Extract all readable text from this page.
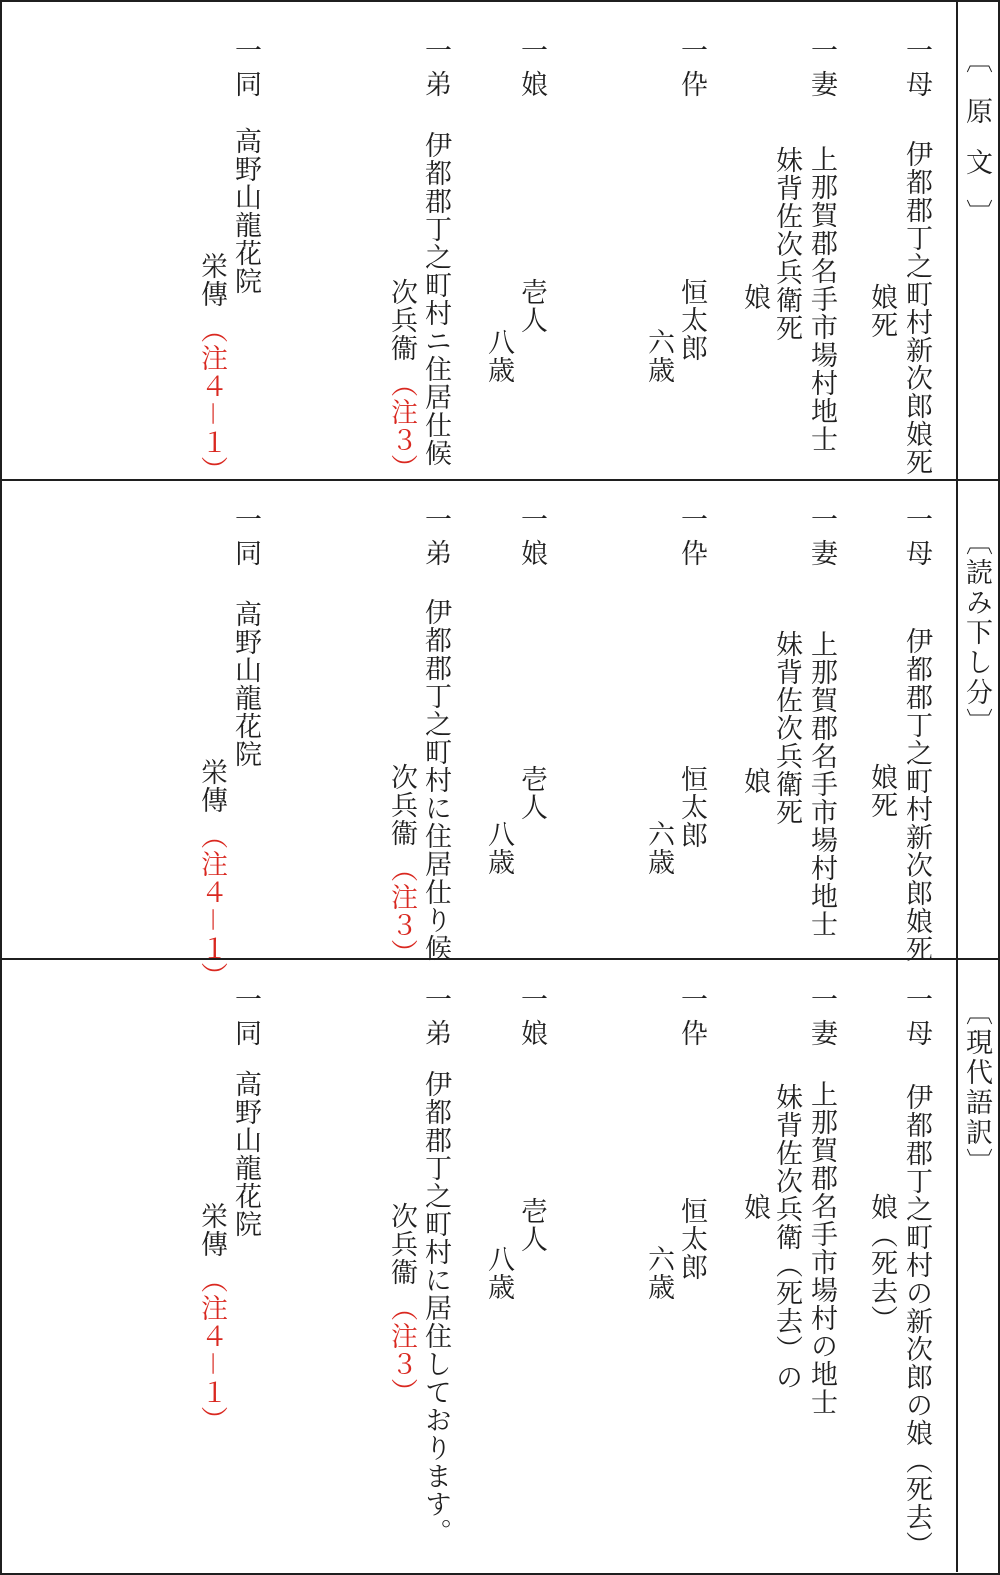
〔原文〕
一母
伊都郡丁之町村新次郎娘死
娘死
一妻
上那賀郡名手市場村地士
妹背佐次兵衛死
娘
一伜
恒太郎
六歳
一娘
壱人
八歳
一弟
伊都郡丁之町村ニ住居仕候
次兵衞（注３）
一同
高野山龍花院
栄傳（注４－１）
〔読み下し分〕
一母
伊都郡丁之町村新次郎娘死
娘死
一妻
上那賀郡名手市場村地士
妹背佐次兵衛死
娘
一伜
恒太郎
六歳
一娘
壱人
八歳
一弟
伊都郡丁之町村に住居仕り候
次兵衞（注３）
一同
高野山龍花院
栄傳（注４－１）
〔現代語訳〕
一母
伊都郡丁之町村の新次郎の娘（死去）
娘（死去）
一妻
上那賀郡名手市場村の地士
妹背佐次兵衛（死去）の
娘
一伜
恒太郎
六歳
一娘
壱人
八歳
一弟
伊都郡丁之町村に居住しております。
次兵衞（注３）
一同
高野山龍花院
栄傳（注４－１）
